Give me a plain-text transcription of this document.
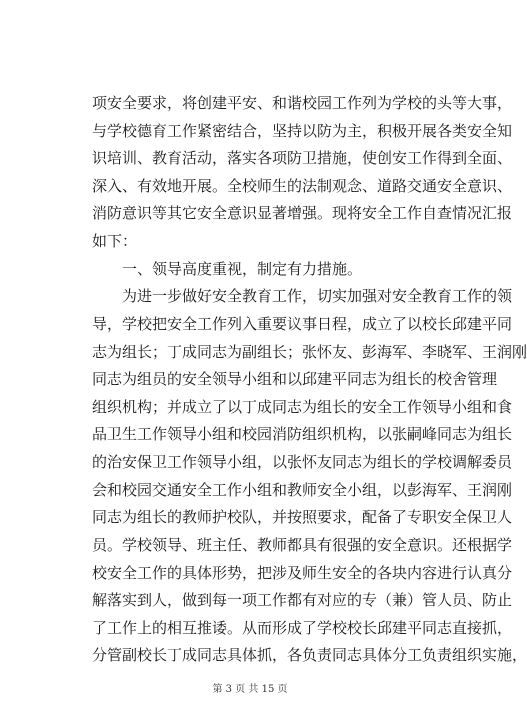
项安全要求，将创建平安、和谐校园工作列为学校的头等大事，
与学校德育工作紧密结合，坚持以防为主，积极开展各类安全知
识培训、教育活动，落实各项防卫措施，使创安工作得到全面、
深入、有效地开展。全校师生的法制观念、道路交通安全意识、
消防意识等其它安全意识显著增强。现将安全工作自查情况汇报
如下：
一、领导高度重视，制定有力措施。
为进一步做好安全教育工作，切实加强对安全教育工作的领
导，学校把安全工作列入重要议事日程，成立了以校长邱建平同
志为组长；丁成同志为副组长；张怀友、彭海军、李晓军、王润刚
同志为组员的安全领导小组和以邱建平同志为组长的校舍管理
组织机构；并成立了以丁成同志为组长的安全工作领导小组和食
品卫生工作领导小组和校园消防组织机构，以张嗣峰同志为组长
的治安保卫工作领导小组，以张怀友同志为组长的学校调解委员
会和校园交通安全工作小组和教师安全小组，以彭海军、王润刚
同志为组长的教师护校队，并按照要求，配备了专职安全保卫人
员。学校领导、班主任、教师都具有很强的安全意识。还根据学
校安全工作的具体形势，把涉及师生安全的各块内容进行认真分
解落实到人，做到每一项工作都有对应的专（兼）管人员、防止
了工作上的相互推诿。从而形成了学校校长邱建平同志直接抓，
分管副校长丁成同志具体抓，各负责同志具体分工负责组织实施，
第 3 页 共 15 页
